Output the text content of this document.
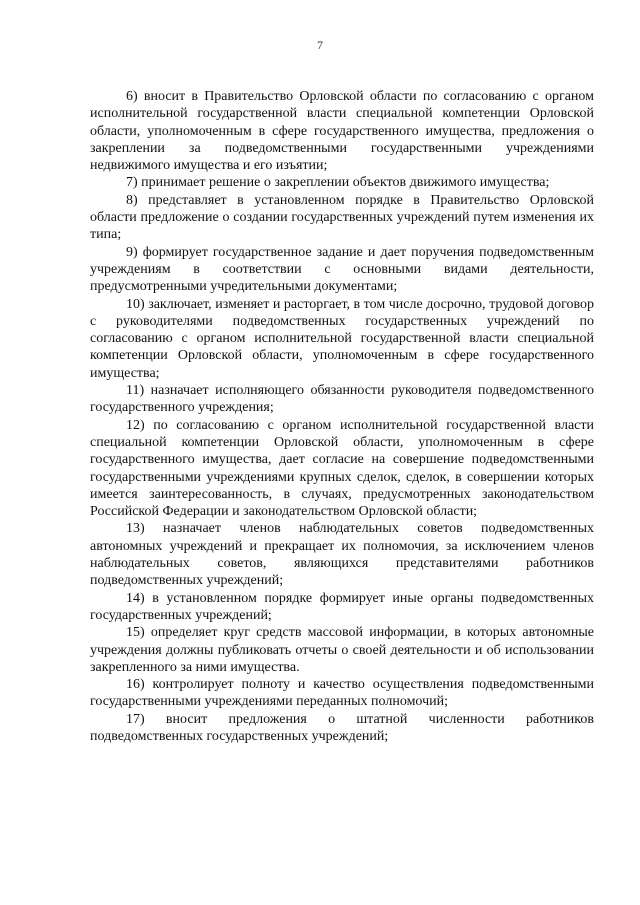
7

6) вносит в Правительство Орловской области по согласованию с органом исполнительной государственной власти специальной компетенции Орловской области, уполномоченным в сфере государственного имущества, предложения о закреплении за подведомственными государственными учреждениями недвижимого имущества и его изъятии;

7) принимает решение о закреплении объектов движимого имущества;

8) представляет в установленном порядке в Правительство Орловской области предложение о создании государственных учреждений путем изменения их типа;

9) формирует государственное задание и дает поручения подведомственным учреждениям в соответствии с основными видами деятельности, предусмотренными учредительными документами;

10) заключает, изменяет и расторгает, в том числе досрочно, трудовой договор с руководителями подведомственных государственных учреждений по согласованию с органом исполнительной государственной власти специальной компетенции Орловской области, уполномоченным в сфере государственного имущества;

11) назначает исполняющего обязанности руководителя подведомственного государственного учреждения;

12) по согласованию с органом исполнительной государственной власти специальной компетенции Орловской области, уполномоченным в сфере государственного имущества, дает согласие на совершение подведомственными государственными учреждениями крупных сделок, сделок, в совершении которых имеется заинтересованность, в случаях, предусмотренных законодательством Российской Федерации и законодательством Орловской области;

13) назначает членов наблюдательных советов подведомственных автономных учреждений и прекращает их полномочия, за исключением членов наблюдательных советов, являющихся представителями работников подведомственных учреждений;

14) в установленном порядке формирует иные органы подведомственных государственных учреждений;

15) определяет круг средств массовой информации, в которых автономные учреждения должны публиковать отчеты о своей деятельности и об использовании закрепленного за ними имущества.

16) контролирует полноту и качество осуществления подведомственными государственными учреждениями переданных полномочий;

17) вносит предложения о штатной численности работников подведомственных государственных учреждений;
